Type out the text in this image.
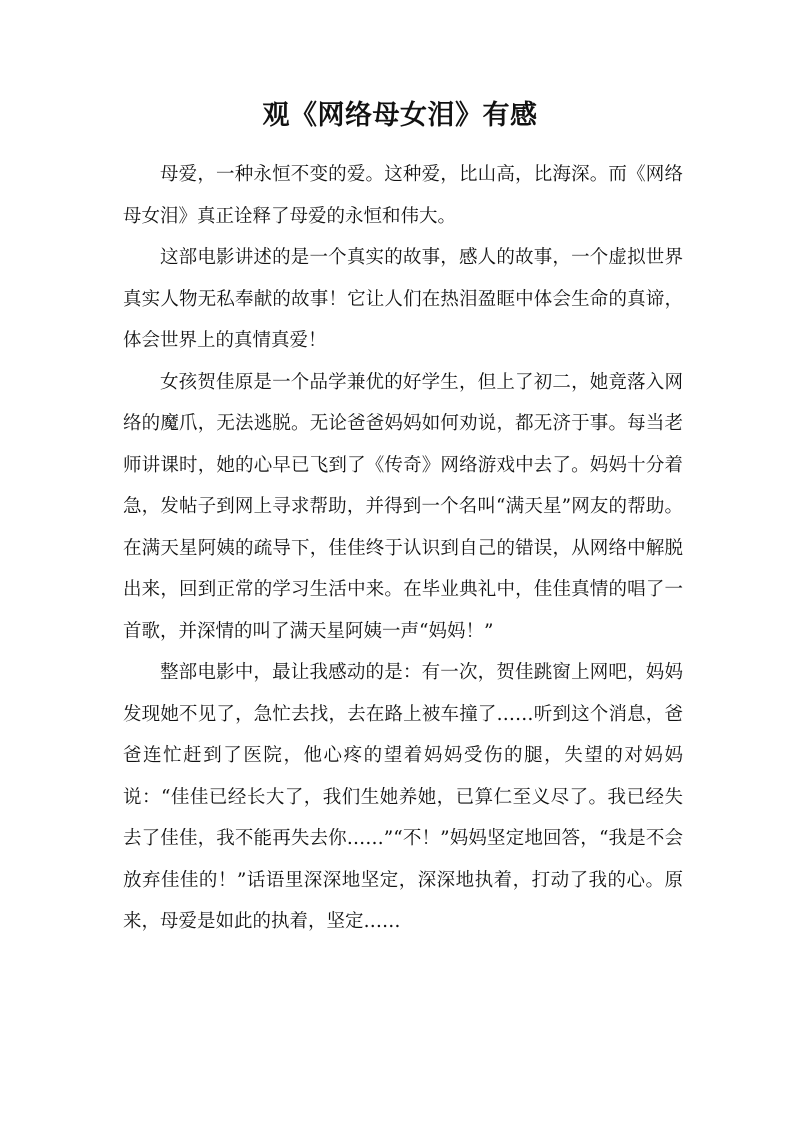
观《网络母女泪》有感

母爱，一种永恒不变的爱。这种爱，比山高，比海深。而《网络母女泪》真正诠释了母爱的永恒和伟大。

这部电影讲述的是一个真实的故事，感人的故事，一个虚拟世界真实人物无私奉献的故事！它让人们在热泪盈眶中体会生命的真谛，体会世界上的真情真爱！

女孩贺佳原是一个品学兼优的好学生，但上了初二，她竟落入网络的魔爪，无法逃脱。无论爸爸妈妈如何劝说，都无济于事。每当老师讲课时，她的心早已飞到了《传奇》网络游戏中去了。妈妈十分着急，发帖子到网上寻求帮助，并得到一个名叫“满天星”网友的帮助。在满天星阿姨的疏导下，佳佳终于认识到自己的错误，从网络中解脱出来，回到正常的学习生活中来。在毕业典礼中，佳佳真情的唱了一首歌，并深情的叫了满天星阿姨一声“妈妈！”

整部电影中，最让我感动的是：有一次，贺佳跳窗上网吧，妈妈发现她不见了，急忙去找，去在路上被车撞了……听到这个消息，爸爸连忙赶到了医院，他心疼的望着妈妈受伤的腿，失望的对妈妈说：“佳佳已经长大了，我们生她养她，已算仁至义尽了。我已经失去了佳佳，我不能再失去你……”“不！”妈妈坚定地回答，“我是不会放弃佳佳的！”话语里深深地坚定，深深地执着，打动了我的心。原来，母爱是如此的执着，坚定……
